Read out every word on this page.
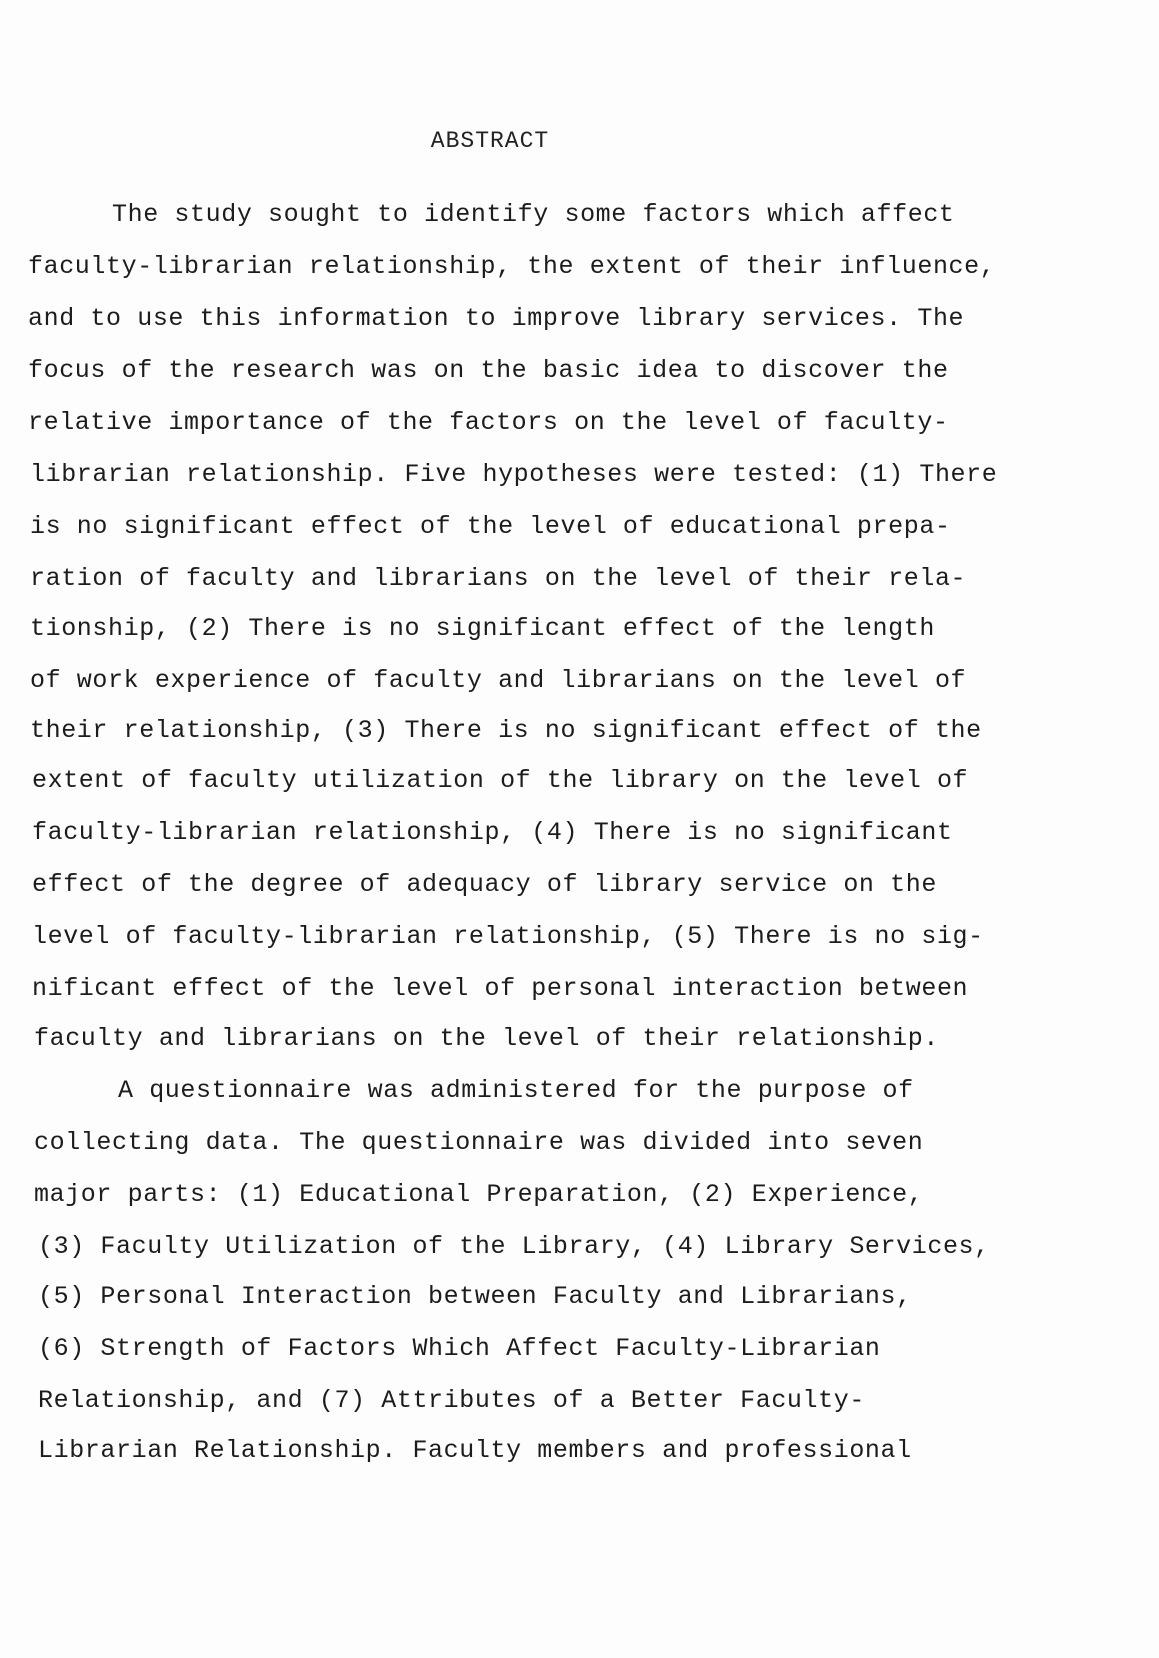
ABSTRACT
The study sought to identify some factors which affect
faculty-librarian relationship, the extent of their influence,
and to use this information to improve library services. The
focus of the research was on the basic idea to discover the
relative importance of the factors on the level of faculty-
librarian relationship. Five hypotheses were tested: (1) There
is no significant effect of the level of educational prepa-
ration of faculty and librarians on the level of their rela-
tionship, (2) There is no significant effect of the length
of work experience of faculty and librarians on the level of
their relationship, (3) There is no significant effect of the
extent of faculty utilization of the library on the level of
faculty-librarian relationship, (4) There is no significant
effect of the degree of adequacy of library service on the
level of faculty-librarian relationship, (5) There is no sig-
nificant effect of the level of personal interaction between
faculty and librarians on the level of their relationship.
A questionnaire was administered for the purpose of
collecting data. The questionnaire was divided into seven
major parts: (1) Educational Preparation, (2) Experience,
(3) Faculty Utilization of the Library, (4) Library Services,
(5) Personal Interaction between Faculty and Librarians,
(6) Strength of Factors Which Affect Faculty-Librarian
Relationship, and (7) Attributes of a Better Faculty-
Librarian Relationship. Faculty members and professional
